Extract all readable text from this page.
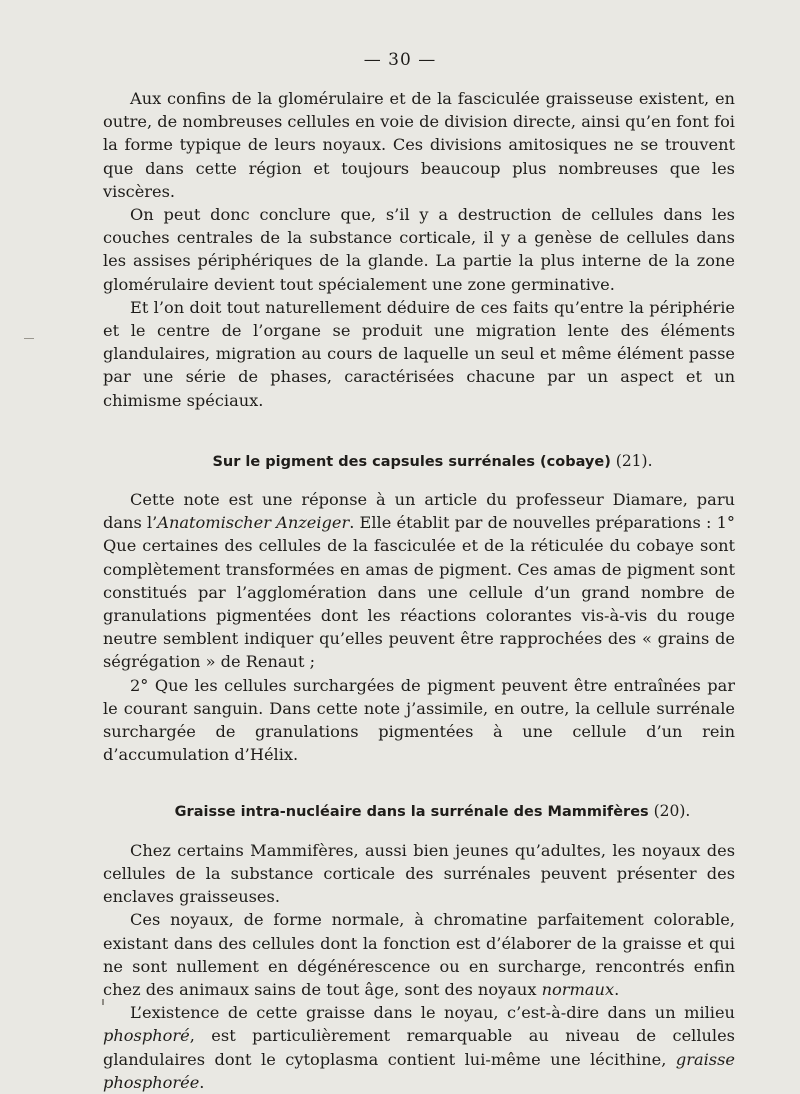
— 30 —

Aux confins de la glomérulaire et de la fasciculée graisseuse existent, en outre, de nombreuses cellules en voie de division directe, ainsi qu’en font foi la forme typique de leurs noyaux. Ces divisions amitosiques ne se trouvent que dans cette région et toujours beaucoup plus nombreuses que les viscères.

On peut donc conclure que, s’il y a destruction de cellules dans les couches centrales de la substance corticale, il y a genèse de cellules dans les assises périphériques de la glande. La partie la plus interne de la zone glomérulaire devient tout spécialement une zone germinative.

Et l’on doit tout naturellement déduire de ces faits qu’entre la périphérie et le centre de l’organe se produit une migration lente des éléments glandulaires, migration au cours de laquelle un seul et même élément passe par une série de phases, caractérisées chacune par un aspect et un chimisme spéciaux.

Sur le pigment des capsules surrénales (cobaye) (21).

Cette note est une réponse à un article du professeur Diamare, paru dans l’Anatomischer Anzeiger. Elle établit par de nouvelles préparations : 1° Que certaines des cellules de la fasciculée et de la réticulée du cobaye sont complètement transformées en amas de pigment. Ces amas de pigment sont constitués par l’agglomération dans une cellule d’un grand nombre de granulations pigmentées dont les réactions colorantes vis-à-vis du rouge neutre semblent indiquer qu’elles peuvent être rapprochées des « grains de ségrégation » de Renaut ;

2° Que les cellules surchargées de pigment peuvent être entraînées par le courant sanguin. Dans cette note j’assimile, en outre, la cellule surrénale surchargée de granulations pigmentées à une cellule d’un rein d’accumulation d’Hélix.

Graisse intra-nucléaire dans la surrénale des Mammifères (20).

Chez certains Mammifères, aussi bien jeunes qu’adultes, les noyaux des cellules de la substance corticale des surrénales peuvent présenter des enclaves graisseuses.

Ces noyaux, de forme normale, à chromatine parfaitement colorable, existant dans des cellules dont la fonction est d’élaborer de la graisse et qui ne sont nullement en dégénérescence ou en surcharge, rencontrés enfin chez des animaux sains de tout âge, sont des noyaux normaux.

L’existence de cette graisse dans le noyau, c’est-à-dire dans un milieu phosphoré, est particulièrement remarquable au niveau de cellules glandulaires dont le cytoplasma contient lui-même une lécithine, graisse phosphorée.
